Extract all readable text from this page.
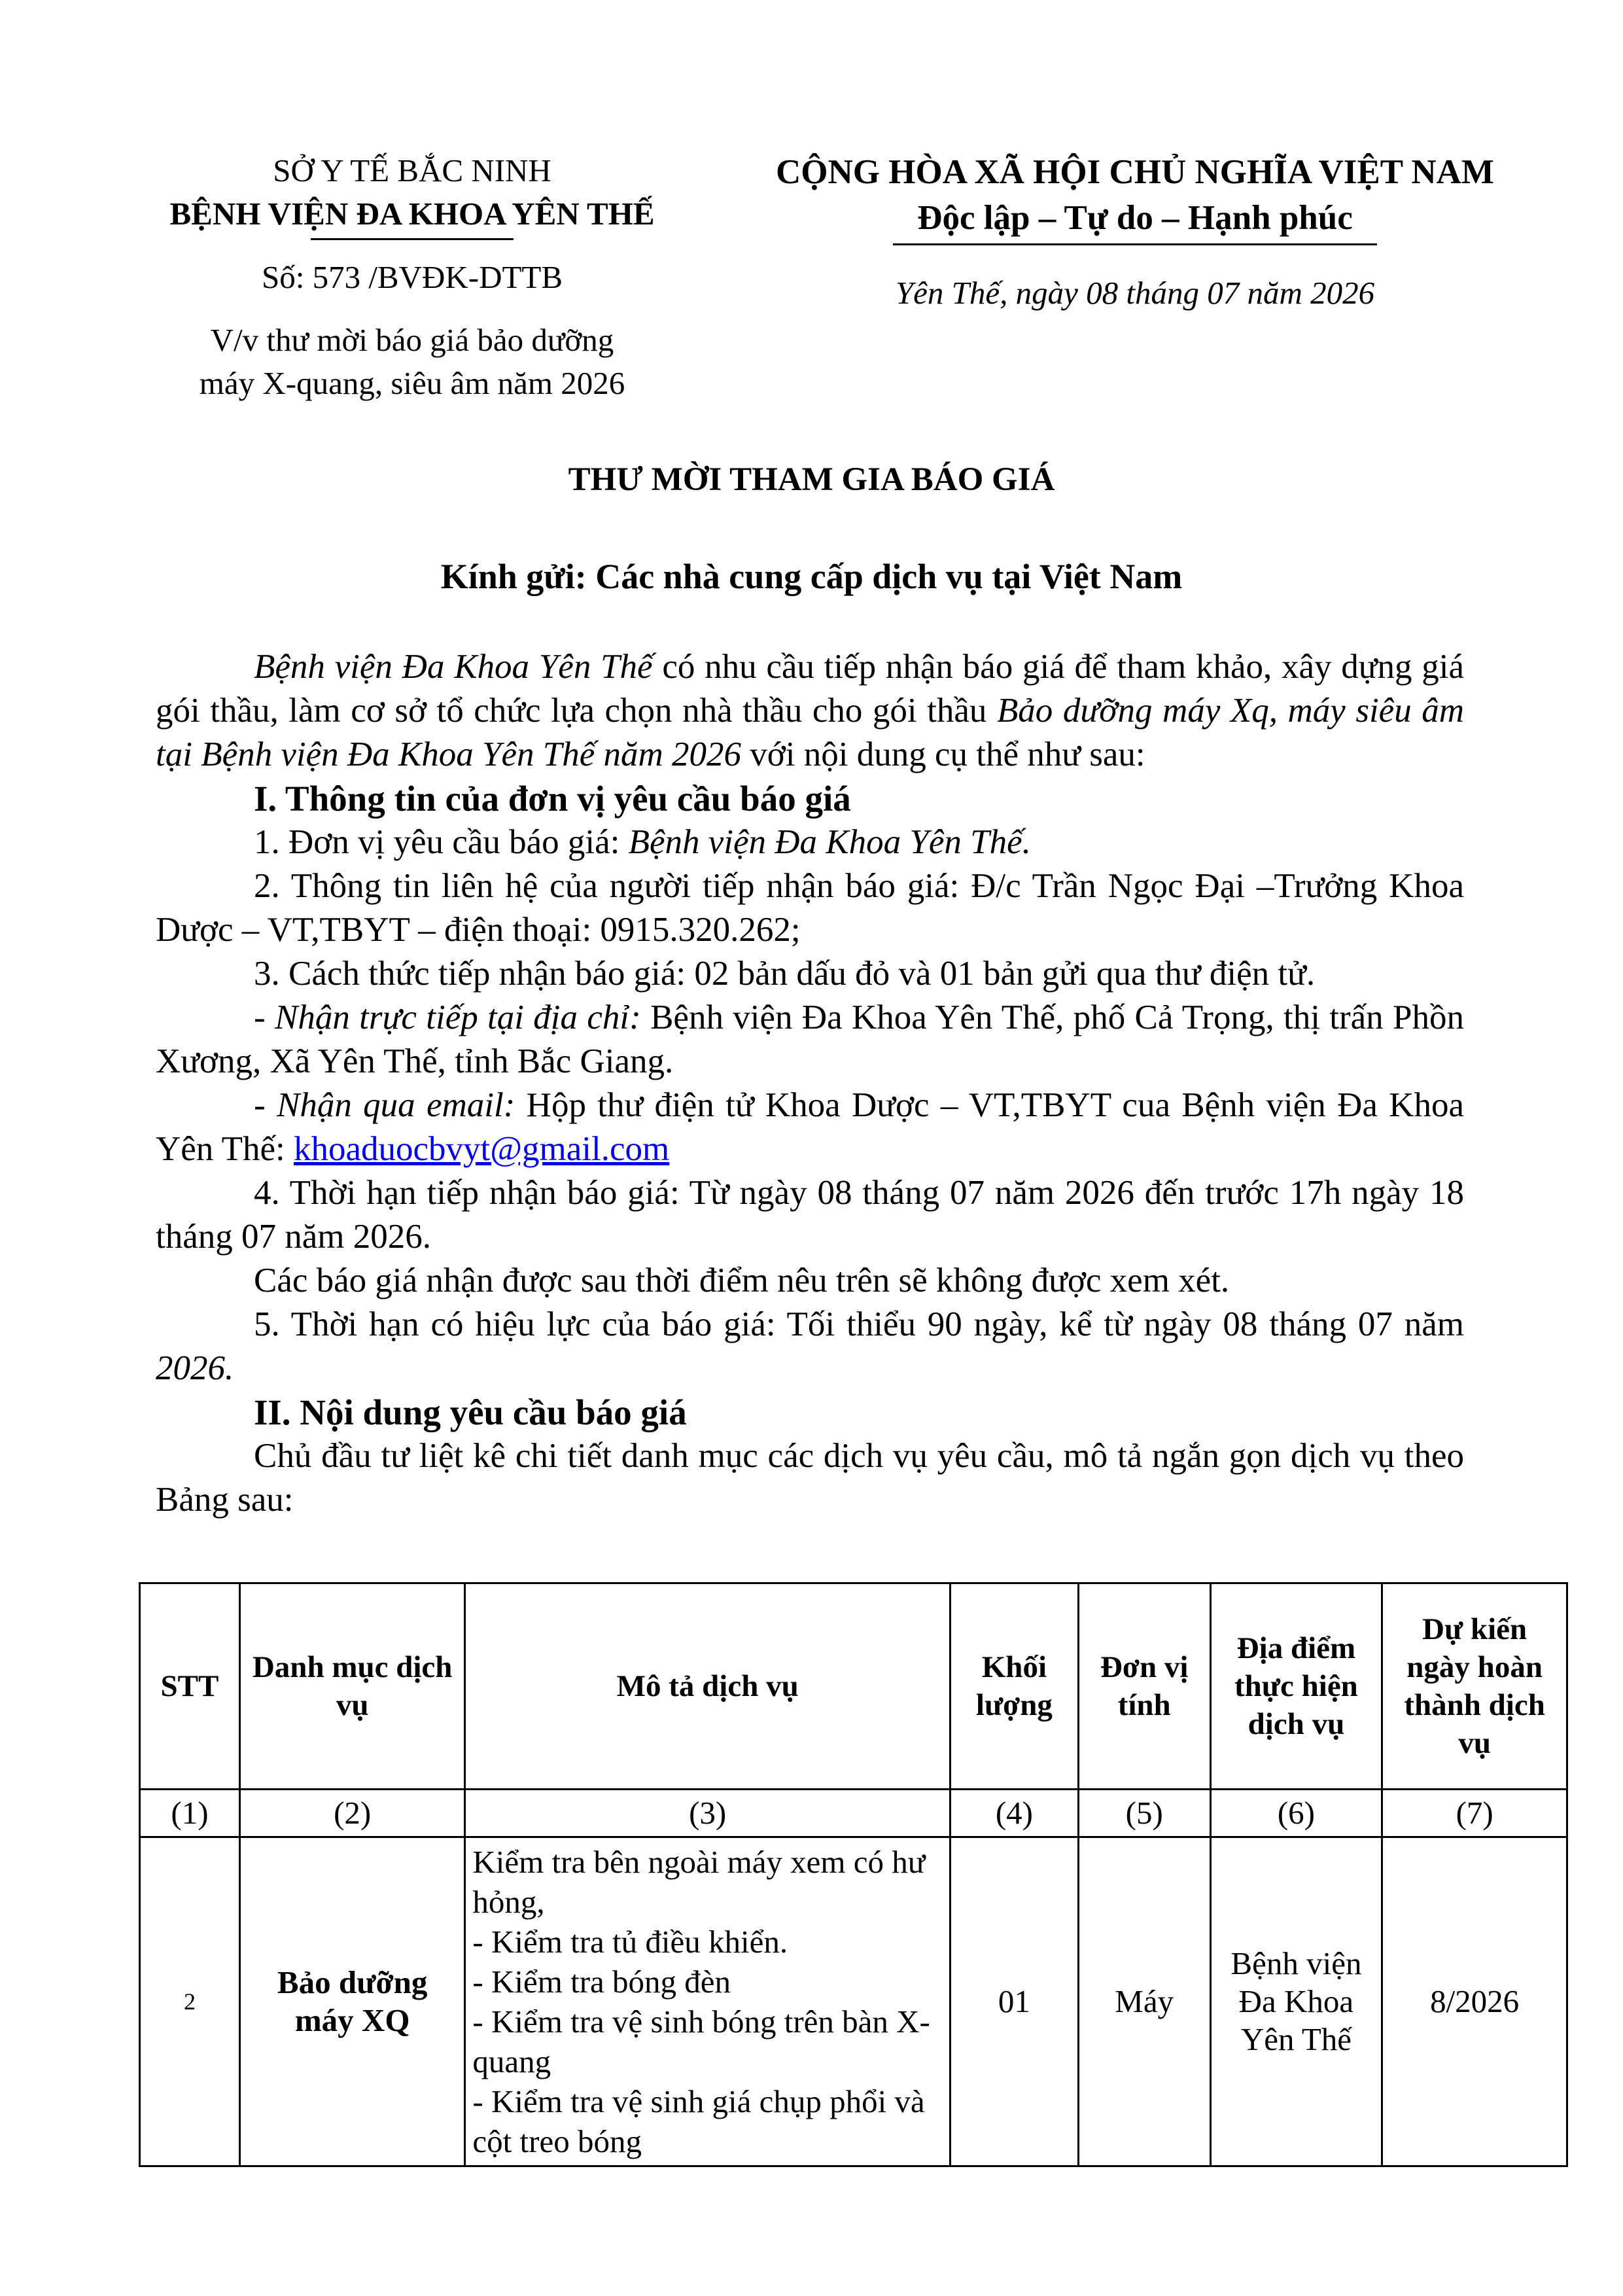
SỞ Y TẾ BẮC NINH
BỆNH VIỆN ĐA KHOA YÊN THẾ
Số: 573 /BVĐK-DTTB
V/v thư mời báo giá bảo dưỡng
máy X-quang, siêu âm năm 2026
CỘNG HÒA XÃ HỘI CHỦ NGHĨA VIỆT NAM
Độc lập – Tự do – Hạnh phúc
Yên Thế, ngày 08 tháng 07 năm 2026
THƯ MỜI THAM GIA BÁO GIÁ
Kính gửi: Các nhà cung cấp dịch vụ tại Việt Nam

Bệnh viện Đa Khoa Yên Thế có nhu cầu tiếp nhận báo giá để tham khảo, xây dựng giá gói thầu, làm cơ sở tổ chức lựa chọn nhà thầu cho gói thầu Bảo dưỡng máy Xq, máy siêu âm tại Bệnh viện Đa Khoa Yên Thế năm 2026 với nội dung cụ thể như sau:

I. Thông tin của đơn vị yêu cầu báo giá

1. Đơn vị yêu cầu báo giá: Bệnh viện Đa Khoa Yên Thế.

2. Thông tin liên hệ của người tiếp nhận báo giá: Đ/c Trần Ngọc Đại –Trưởng Khoa Dược – VT,TBYT – điện thoại: 0915.320.262;

3. Cách thức tiếp nhận báo giá: 02 bản dấu đỏ và 01 bản gửi qua thư điện tử.

- Nhận trực tiếp tại địa chỉ: Bệnh viện Đa Khoa Yên Thế, phố Cả Trọng, thị trấn Phồn Xương, Xã Yên Thế, tỉnh Bắc Giang.

- Nhận qua email: Hộp thư điện tử Khoa Dược – VT,TBYT cua Bệnh viện Đa Khoa Yên Thế: khoaduocbvyt@gmail.com

4. Thời hạn tiếp nhận báo giá: Từ ngày 08 tháng 07 năm 2026 đến trước 17h ngày 18 tháng 07 năm 2026.

Các báo giá nhận được sau thời điểm nêu trên sẽ không được xem xét.

5. Thời hạn có hiệu lực của báo giá: Tối thiểu 90 ngày, kể từ ngày 08 tháng 07 năm 2026.

II. Nội dung yêu cầu báo giá

Chủ đầu tư liệt kê chi tiết danh mục các dịch vụ yêu cầu, mô tả ngắn gọn dịch vụ theo Bảng sau:

STT	Danh mục dịch vụ	Mô tả dịch vụ	Khối lượng	Đơn vị tính	Địa điểm thực hiện dịch vụ	Dự kiến ngày hoàn thành dịch vụ
(1)	(2)	(3)	(4)	(5)	(6)	(7)
2	Bảo dưỡng máy XQ	Kiểm tra bên ngoài máy xem có hư hỏng,
- Kiểm tra tủ điều khiển.
- Kiểm tra bóng đèn
- Kiểm tra vệ sinh bóng trên bàn X-quang
- Kiểm tra vệ sinh giá chụp phổi và cột treo bóng	01	Máy	Bệnh viện Đa Khoa Yên Thế	8/2026
